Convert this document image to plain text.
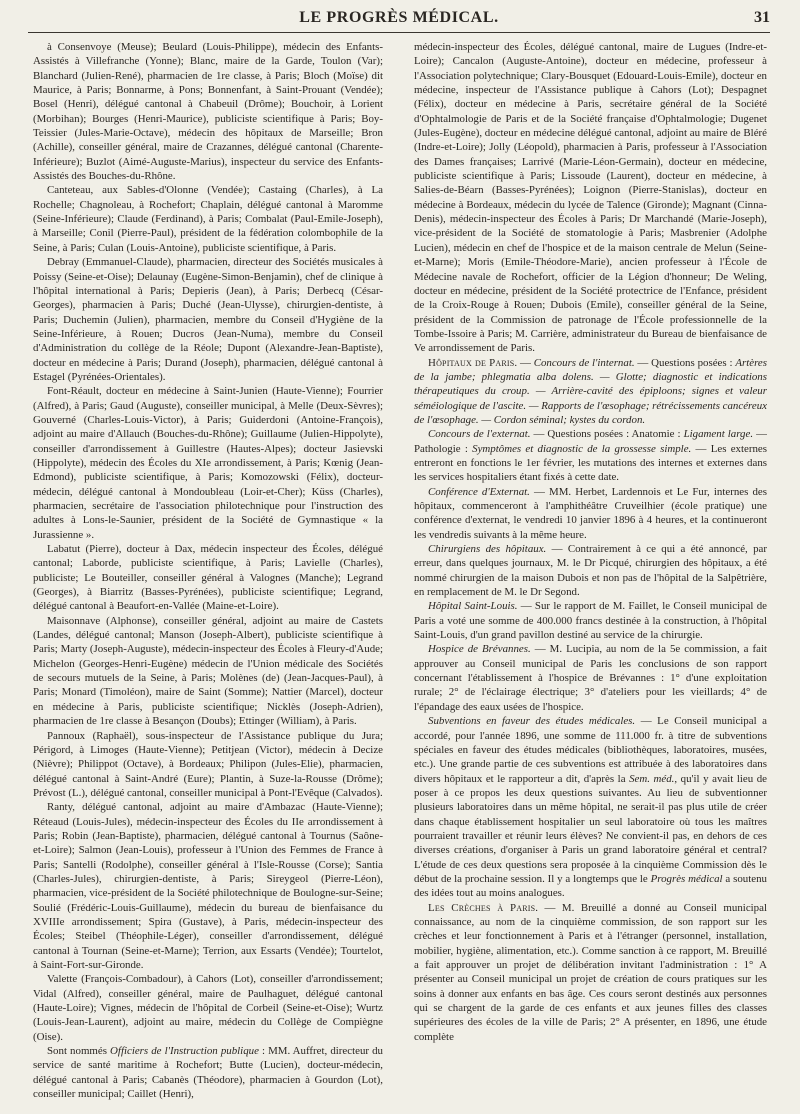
LE PROGRÈS MÉDICAL.	31

à Consenvoye (Meuse); Beulard (Louis-Philippe), médecin des Enfants-Assistés à Villefranche (Yonne); Blanc, maire de la Garde, Toulon (Var); Blanchard (Julien-René), pharmacien de 1re classe, à Paris; Bloch (Moïse) dit Maurice, à Paris; Bonnarme, à Pons; Bonnenfant, à Saint-Prouant (Vendée); Bosel (Henri), délégué cantonal à Chabeuil (Drôme); Bouchoir, à Lorient (Morbihan); Bourges (Henri-Maurice), publiciste scientifique à Paris; Boy-Teissier (Jules-Marie-Octave), médecin des hôpitaux de Marseille; Bron (Achille), conseiller général, maire de Crazannes, délégué cantonal (Charente-Inférieure); Buzlot (Aimé-Auguste-Marius), inspecteur du service des Enfants-Assistés des Bouches-du-Rhône.

Canteteau, aux Sables-d'Olonne (Vendée); Castaing (Charles), à La Rochelle; Chagnoleau, à Rochefort; Chaplain, délégué cantonal à Maromme (Seine-Inférieure); Claude (Ferdinand), à Paris; Combalat (Paul-Emile-Joseph), à Marseille; Conil (Pierre-Paul), président de la fédération colombophile de la Seine, à Paris; Culan (Louis-Antoine), publiciste scientifique, à Paris.

Debray (Emmanuel-Claude), pharmacien, directeur des Sociétés musicales à Poissy (Seine-et-Oise); Delaunay (Eugène-Simon-Benjamin), chef de clinique à l'hôpital international à Paris; Depieris (Jean), à Paris; Derbecq (César-Georges), pharmacien à Paris; Duché (Jean-Ulysse), chirurgien-dentiste, à Paris; Duchemin (Julien), pharmacien, membre du Conseil d'Hygiène de la Seine-Inférieure, à Rouen; Ducros (Jean-Numa), membre du Conseil d'Administration du collège de la Réole; Dupont (Alexandre-Jean-Baptiste), docteur en médecine à Paris; Durand (Joseph), pharmacien, délégué cantonal à Estagel (Pyrénées-Orientales).

Font-Réault, docteur en médecine à Saint-Junien (Haute-Vienne); Fourrier (Alfred), à Paris; Gaud (Auguste), conseiller municipal, à Melle (Deux-Sèvres); Gouverné (Charles-Louis-Victor), à Paris; Guiderdoni (Antoine-François), adjoint au maire d'Allauch (Bouches-du-Rhône); Guillaume (Julien-Hippolyte), conseiller d'arrondissement à Guillestre (Hautes-Alpes); docteur Jasievski (Hippolyte), médecin des Écoles du XIe arrondissement, à Paris; Kœnig (Jean-Edmond), publiciste scientifique, à Paris; Komozowski (Félix), docteur-médecin, délégué cantonal à Mondoubleau (Loir-et-Cher); Küss (Charles), pharmacien, secrétaire de l'association philotechnique pour l'instruction des adultes à Lons-le-Saunier, président de la Société de Gymnastique « la Jurassienne ».

Labatut (Pierre), docteur à Dax, médecin inspecteur des Écoles, délégué cantonal; Laborde, publiciste scientifique, à Paris; Lavielle (Charles), publiciste; Le Bouteiller, conseiller général à Valognes (Manche); Legrand (Georges), à Biarritz (Basses-Pyrénées), publiciste scientifique; Legrand, délégué cantonal à Beaufort-en-Vallée (Maine-et-Loire).

Maisonnave (Alphonse), conseiller général, adjoint au maire de Castets (Landes, délégué cantonal; Manson (Joseph-Albert), publiciste scientifique à Paris; Marty (Joseph-Auguste), médecin-inspecteur des Écoles à Fleury-d'Aude; Michelon (Georges-Henri-Eugène) médecin de l'Union médicale des Sociétés de secours mutuels de la Seine, à Paris; Molènes (de) (Jean-Jacques-Paul), à Paris; Monard (Timoléon), maire de Saint (Somme); Nattier (Marcel), docteur en médecine à Paris, publiciste scientifique; Nicklès (Joseph-Adrien), pharmacien de 1re classe à Besançon (Doubs); Ettinger (William), à Paris.

Pannoux (Raphaël), sous-inspecteur de l'Assistance publique du Jura; Périgord, à Limoges (Haute-Vienne); Petitjean (Victor), médecin à Decize (Nièvre); Philippot (Octave), à Bordeaux; Philipon (Jules-Elie), pharmacien, délégué cantonal à Saint-André (Eure); Plantin, à Suze-la-Rousse (Drôme); Prévost (L.), délégué cantonal, conseiller municipal à Pont-l'Evêque (Calvados).

Ranty, délégué cantonal, adjoint au maire d'Ambazac (Haute-Vienne); Réteaud (Louis-Jules), médecin-inspecteur des Écoles du IIe arrondissement à Paris; Robin (Jean-Baptiste), pharmacien, délégué cantonal à Tournus (Saône-et-Loire); Salmon (Jean-Louis), professeur à l'Union des Femmes de France à Paris; Santelli (Rodolphe), conseiller général à l'Isle-Rousse (Corse); Santia (Charles-Jules), chirurgien-dentiste, à Paris; Sireygeol (Pierre-Léon), pharmacien, vice-président de la Société philotechnique de Boulogne-sur-Seine; Soulié (Frédéric-Louis-Guillaume), médecin du bureau de bienfaisance du XVIIIe arrondissement; Spira (Gustave), à Paris, médecin-inspecteur des Écoles; Steibel (Théophile-Léger), conseiller d'arrondissement, délégué cantonal à Tournan (Seine-et-Marne); Terrion, aux Essarts (Vendée); Tourtelot, à Saint-Fort-sur-Gironde.

Valette (François-Combadour), à Cahors (Lot), conseiller d'arrondissement; Vidal (Alfred), conseiller général, maire de Paulhaguet, délégué cantonal (Haute-Loire); Vignes, médecin de l'hôpital de Corbeil (Seine-et-Oise); Wurtz (Louis-Jean-Laurent), adjoint au maire, médecin du Collège de Compiègne (Oise).

Sont nommés Officiers de l'Instruction publique : MM. Auffret, directeur du service de santé maritime à Rochefort; Butte (Lucien), docteur-médecin, délégué cantonal à Paris; Cabanès (Théodore), pharmacien à Gourdon (Lot), conseiller municipal; Caillet (Henri),

médecin-inspecteur des Écoles, délégué cantonal, maire de Lugues (Indre-et-Loire); Cancalon (Auguste-Antoine), docteur en médecine, professeur à l'Association polytechnique; Clary-Bousquet (Edouard-Louis-Emile), docteur en médecine, inspecteur de l'Assistance publique à Cahors (Lot); Despagnet (Félix), docteur en médecine à Paris, secrétaire général de la Société d'Ophtalmologie de Paris et de la Société française d'Ophtalmologie; Dugenet (Jules-Eugène), docteur en médecine délégué cantonal, adjoint au maire de Bléré (Indre-et-Loire); Jolly (Léopold), pharmacien à Paris, professeur à l'Association des Dames françaises; Larrivé (Marie-Léon-Germain), docteur en médecine, publiciste scientifique à Paris; Lissoude (Laurent), docteur en médecine, à Salies-de-Béarn (Basses-Pyrénées); Loignon (Pierre-Stanislas), docteur en médecine à Bordeaux, médecin du lycée de Talence (Gironde); Magnant (Cinna-Denis), médecin-inspecteur des Écoles à Paris; Dr Marchandé (Marie-Joseph), vice-président de la Société de stomatologie à Paris; Masbrenier (Adolphe Lucien), médecin en chef de l'hospice et de la maison centrale de Melun (Seine-et-Marne); Moris (Emile-Théodore-Marie), ancien professeur à l'École de Médecine navale de Rochefort, officier de la Légion d'honneur; De Weling, docteur en médecine, président de la Société protectrice de l'Enfance, président de la Croix-Rouge à Rouen; Dubois (Emile), conseiller général de la Seine, président de la Commission de patronage de l'École professionnelle de la Tombe-Issoire à Paris; M. Carrière, administrateur du Bureau de bienfaisance de Ve arrondissement de Paris.

Hôpitaux de Paris. — Concours de l'internat. — Questions posées : Artères de la jambe; phlegmatia alba dolens. — Glotte; diagnostic et indications thérapeutiques du croup. — Arrière-cavité des épiploons; signes et valeur séméiologique de l'ascite. — Rapports de l'œsophage; rétrécissements cancéreux de l'œsophage. — Cordon séminal; kystes du cordon.

Concours de l'externat. — Questions posées : Anatomie : Ligament large. — Pathologie : Symptômes et diagnostic de la grossesse simple. — Les externes entreront en fonctions le 1er février, les mutations des internes et externes dans les services hospitaliers étant fixés à cette date.

Conférence d'Externat. — MM. Herbet, Lardennois et Le Fur, internes des hôpitaux, commenceront à l'amphithéâtre Cruveilhier (école pratique) une conférence d'externat, le vendredi 10 janvier 1896 à 4 heures, et la continueront les vendredis suivants à la même heure.

Chirurgiens des hôpitaux. — Contrairement à ce qui a été annoncé, par erreur, dans quelques journaux, M. le Dr Picqué, chirurgien des hôpitaux, a été nommé chirurgien de la maison Dubois et non pas de l'hôpital de la Salpêtrière, en remplacement de M. le Dr Segond.

Hôpital Saint-Louis. — Sur le rapport de M. Faillet, le Conseil municipal de Paris a voté une somme de 400.000 francs destinée à la construction, à l'hôpital Saint-Louis, d'un grand pavillon destiné au service de la chirurgie.

Hospice de Brévannes. — M. Lucipia, au nom de la 5e commission, a fait approuver au Conseil municipal de Paris les conclusions de son rapport concernant l'établissement à l'hospice de Brévannes : 1° d'une exploitation rurale; 2° de l'éclairage électrique; 3° d'ateliers pour les vieillards; 4° de l'épandage des eaux usées de l'hospice.

Subventions en faveur des études médicales. — Le Conseil municipal a accordé, pour l'année 1896, une somme de 111.000 fr. à titre de subventions spéciales en faveur des études médicales (bibliothèques, laboratoires, musées, etc.). Une grande partie de ces subventions est attribuée à des laboratoires dans divers hôpitaux et le rapporteur a dit, d'après la Sem. méd., qu'il y avait lieu de poser à ce propos les deux questions suivantes. Au lieu de subventionner plusieurs laboratoires dans un même hôpital, ne serait-il pas plus utile de créer dans chaque établissement hospitalier un seul laboratoire où tous les maîtres pourraient travailler et réunir leurs élèves? Ne convient-il pas, en dehors de ces diverses créations, d'organiser à Paris un grand laboratoire général et central? L'étude de ces deux questions sera proposée à la cinquième Commission dès le début de la prochaine session. Il y a longtemps que le Progrès médical a soutenu des idées tout au moins analogues.

Les Crèches à Paris. — M. Breuillé a donné au Conseil municipal connaissance, au nom de la cinquième commission, de son rapport sur les crèches et leur fonctionnement à Paris et à l'étranger (personnel, installation, mobilier, hygiène, alimentation, etc.). Comme sanction à ce rapport, M. Breuillé a fait approuver un projet de délibération invitant l'administration : 1° A présenter au Conseil municipal un projet de création de cours pratiques sur les soins à donner aux enfants en bas âge. Ces cours seront destinés aux personnes qui se chargent de la garde de ces enfants et aux jeunes filles des classes supérieures des écoles de la ville de Paris; 2° A présenter, en 1896, une étude complète
